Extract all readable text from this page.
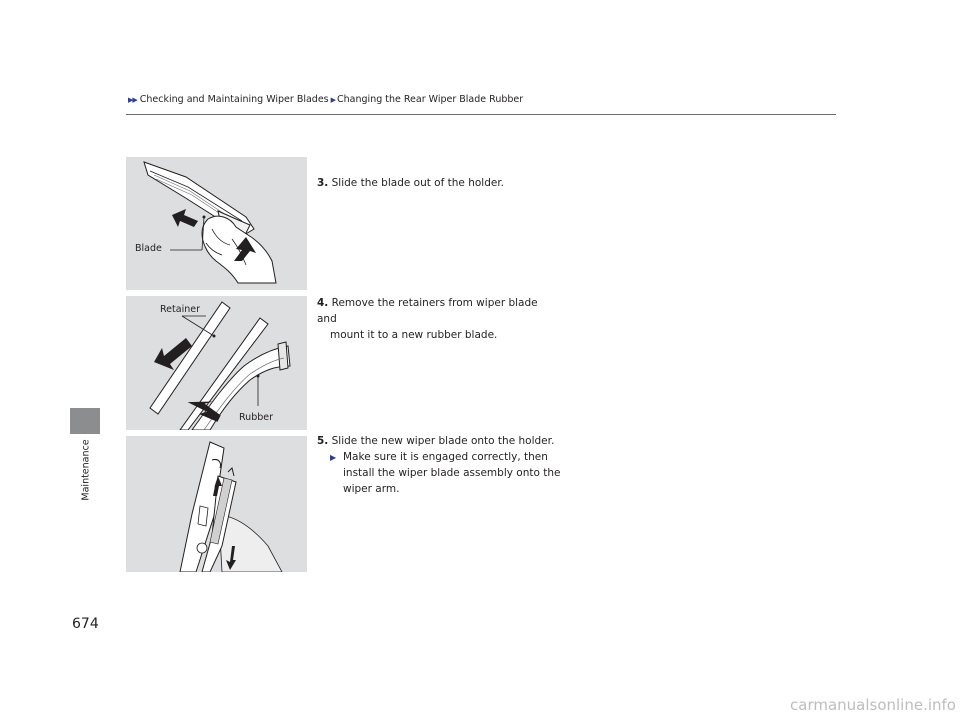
▶▶ Checking and Maintaining Wiper Blades ▶ Changing the Rear Wiper Blade Rubber
Maintenance
674
Blade
Retainer
Rubber
3. Slide the blade out of the holder.
4. Remove the retainers from wiper blade and
mount it to a new rubber blade.
5. Slide the new wiper blade onto the holder.
▶ Make sure it is engaged correctly, then
install the wiper blade assembly onto the
wiper arm.
carmanualsonline.info
